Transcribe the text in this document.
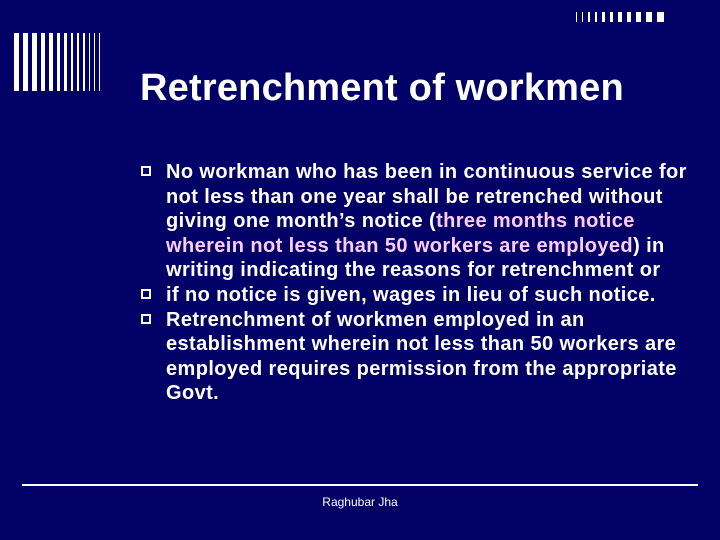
Retrenchment of workmen
No workman who has been in continuous service for not less than one year shall be retrenched without giving one month’s notice (three months notice wherein not less than 50 workers are employed) in writing indicating the reasons for retrenchment or
if no notice is given, wages in lieu of such notice.
Retrenchment of workmen employed in an establishment wherein not less than 50 workers are employed requires permission from the appropriate Govt.
Raghubar Jha
